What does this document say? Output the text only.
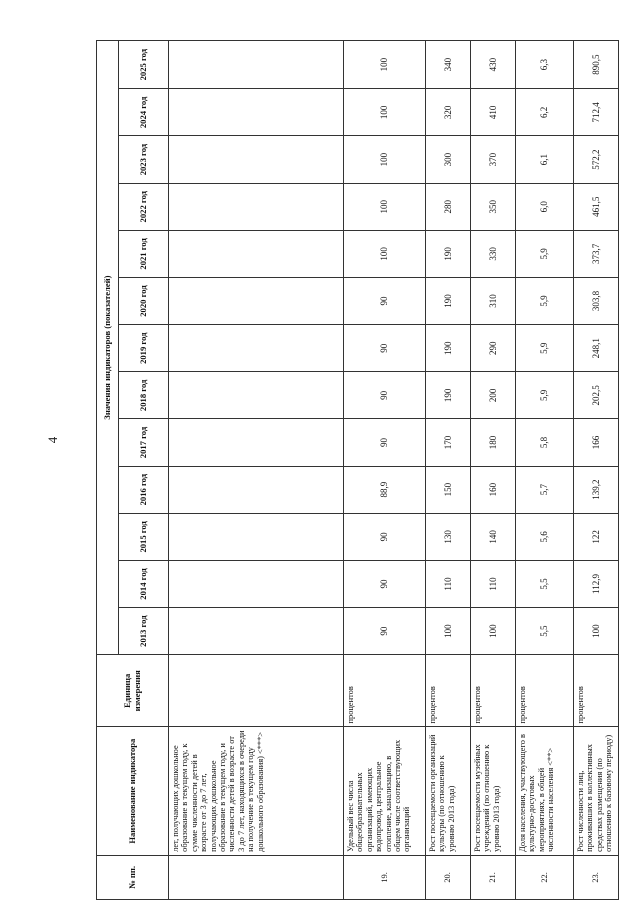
4
№ пп.	Наименование индикатора	Единица измерения	Значения индикаторов (показателей)												
			2013 год	2014 год	2015 год	2016 год	2017 год	2018 год	2019 год	2020 год	2021 год	2022 год	2023 год	2024 год	2025 год
	лет, получающих дошкольное образование в текущем году, к сумме численности детей в возрасте от 3 до 7 лет, получающих дошкольное образование в текущем году, и численности детей в возрасте от 3 до 7 лет, находящихся в очереди на получение в текущем году дошкольного образования) <***>														
19.	Удельный вес числа общеобразовательных организаций, имеющих водопровод, центральное отопление, канализацию, в общем числе соответствующих организаций	процентов	90	90	90	88,9	90	90	90	90	100	100	100	100	100
20.	Рост посещаемости организаций культуры (по отношению к уровню 2013 года)	процентов	100	110	130	150	170	190	190	190	190	280	300	320	340
21.	Рост посещаемости музейных учреждений (по отношению к уровню 2013 года)	процентов	100	110	140	160	180	200	290	310	330	350	370	410	430
22.	Доля населения, участвующего в культурно-досуговых мероприятиях, в общей численности населения <**>	процентов	5,5	5,5	5,6	5,7	5,8	5,9	5,9	5,9	5,9	6,0	6,1	6,2	6,3
23.	Рост численности лиц, проживавших в коллективных средствах размещения (по отношению к базовому периоду)	процентов	100	112,9	122	139,2	166	202,5	248,1	303,8	373,7	461,5	572,2	712,4	890,5
